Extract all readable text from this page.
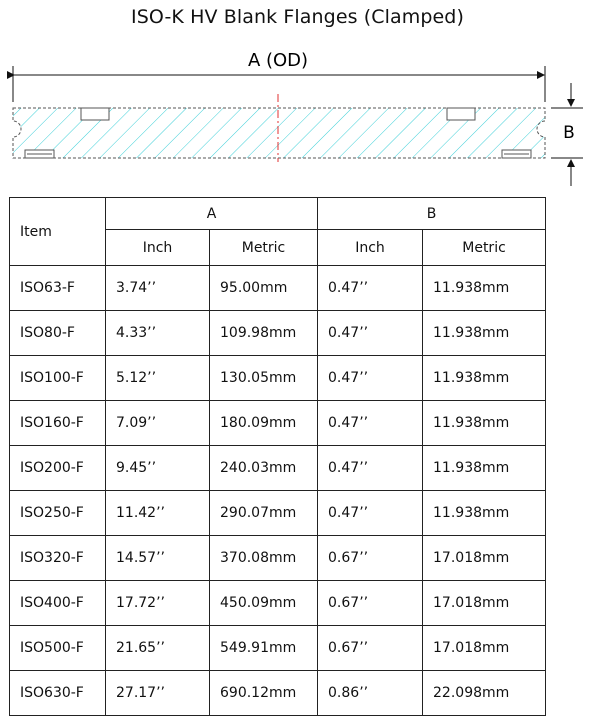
ISO-K HV Blank Flanges (Clamped)
A (OD)
B
Item	A		B	
	Inch	Metric	Inch	Metric
ISO63-F	3.74’’	95.00mm	0.47’’	11.938mm
ISO80-F	4.33’’	109.98mm	0.47’’	11.938mm
ISO100-F	5.12’’	130.05mm	0.47’’	11.938mm
ISO160-F	7.09’’	180.09mm	0.47’’	11.938mm
ISO200-F	9.45’’	240.03mm	0.47’’	11.938mm
ISO250-F	11.42’’	290.07mm	0.47’’	11.938mm
ISO320-F	14.57’’	370.08mm	0.67’’	17.018mm
ISO400-F	17.72’’	450.09mm	0.67’’	17.018mm
ISO500-F	21.65’’	549.91mm	0.67’’	17.018mm
ISO630-F	27.17’’	690.12mm	0.86’’	22.098mm
